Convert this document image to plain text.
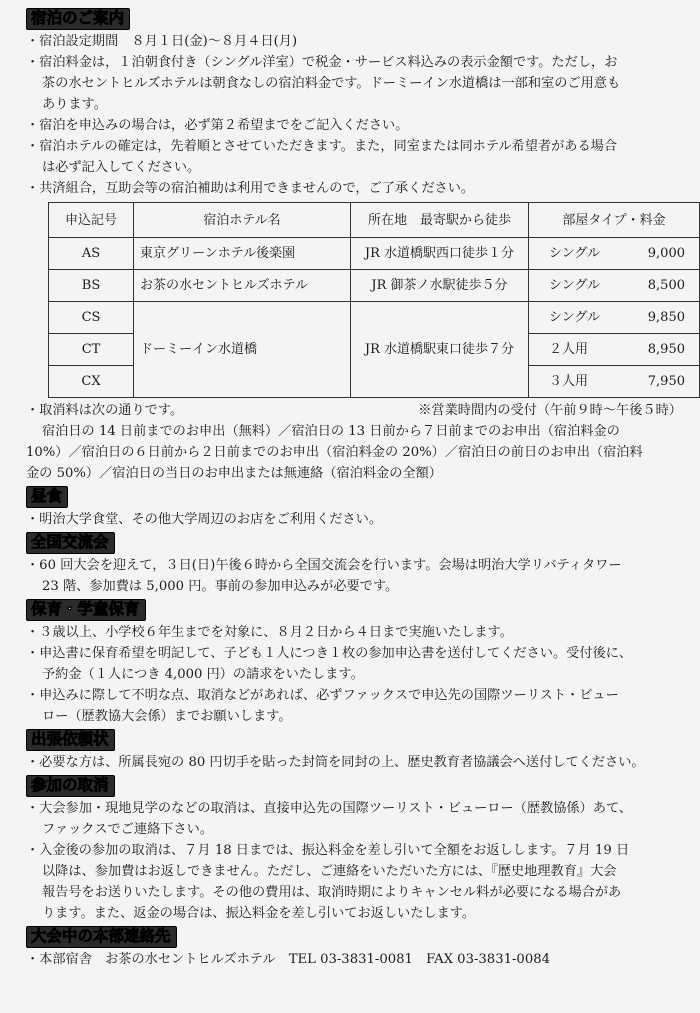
宿泊のご案内
・宿泊設定期間　８月１日(金)～８月４日(月)
・宿泊料金は，１泊朝食付き（シングル洋室）で税金・サービス料込みの表示金額です。ただし，お
茶の水セントヒルズホテルは朝食なしの宿泊料金です。ドーミーイン水道橋は一部和室のご用意も
あります。
・宿泊を申込みの場合は，必ず第２希望までをご記入ください。
・宿泊ホテルの確定は，先着順とさせていただきます。また，同室または同ホテル希望者がある場合
は必ず記入してください。
・共済組合，互助会等の宿泊補助は利用できませんので，ご了承ください。
申込記号	宿泊ホテル名	所在地　最寄駅から徒歩	部屋タイプ・料金
AS	東京グリーンホテル後楽園	JR 水道橋駅西口徒歩１分	シングル 9,000

BS	お茶の水セントヒルズホテル	JR 御茶ノ水駅徒歩５分	シングル 8,500

CS	ドーミーイン水道橋	JR 水道橋駅東口徒歩７分	シングル 9,850

CT			２人用 8,950

CX			３人用 7,950
・取消料は次の通りです。	※営業時間内の受付（午前９時～午後５時）
宿泊日の 14 日前までのお申出（無料）／宿泊日の 13 日前から７日前までのお申出（宿泊料金の
10%）／宿泊日の６日前から２日前までのお申出（宿泊料金の 20%）／宿泊日の前日のお申出（宿泊料
金の 50%）／宿泊日の当日のお申出または無連絡（宿泊料金の全額）
昼食
・明治大学食堂、その他大学周辺のお店をご利用ください。
全国交流会
・60 回大会を迎えて，３日(日)午後６時から全国交流会を行います。会場は明治大学リバティタワー
23 階、参加費は 5,000 円。事前の参加申込みが必要です。
保育・学童保育
・３歳以上、小学校６年生までを対象に、８月２日から４日まで実施いたします。
・申込書に保育希望を明記して、子ども１人につき１枚の参加申込書を送付してください。受付後に、
予約金（１人につき 4,000 円）の請求をいたします。
・申込みに際して不明な点、取消などがあれば、必ずファックスで申込先の国際ツーリスト・ビュー
ロー（歴教協大会係）までお願いします。
出張依頼状
・必要な方は、所属長宛の 80 円切手を貼った封筒を同封の上、歴史教育者協議会へ送付してください。
参加の取消
・大会参加・現地見学のなどの取消は、直接申込先の国際ツーリスト・ビューロー（歴教協係）あて、
ファックスでご連絡下さい。
・入金後の参加の取消は、７月 18 日までは、振込料金を差し引いて全額をお返しします。７月 19 日
以降は、参加費はお返しできません。ただし、ご連絡をいただいた方には、『歴史地理教育』大会
報告号をお送りいたします。その他の費用は、取消時期によりキャンセル料が必要になる場合があ
ります。また、返金の場合は、振込料金を差し引いてお返しいたします。
大会中の本部連絡先
・本部宿舎　お茶の水セントヒルズホテル　TEL 03-3831-0081　FAX 03-3831-0084
